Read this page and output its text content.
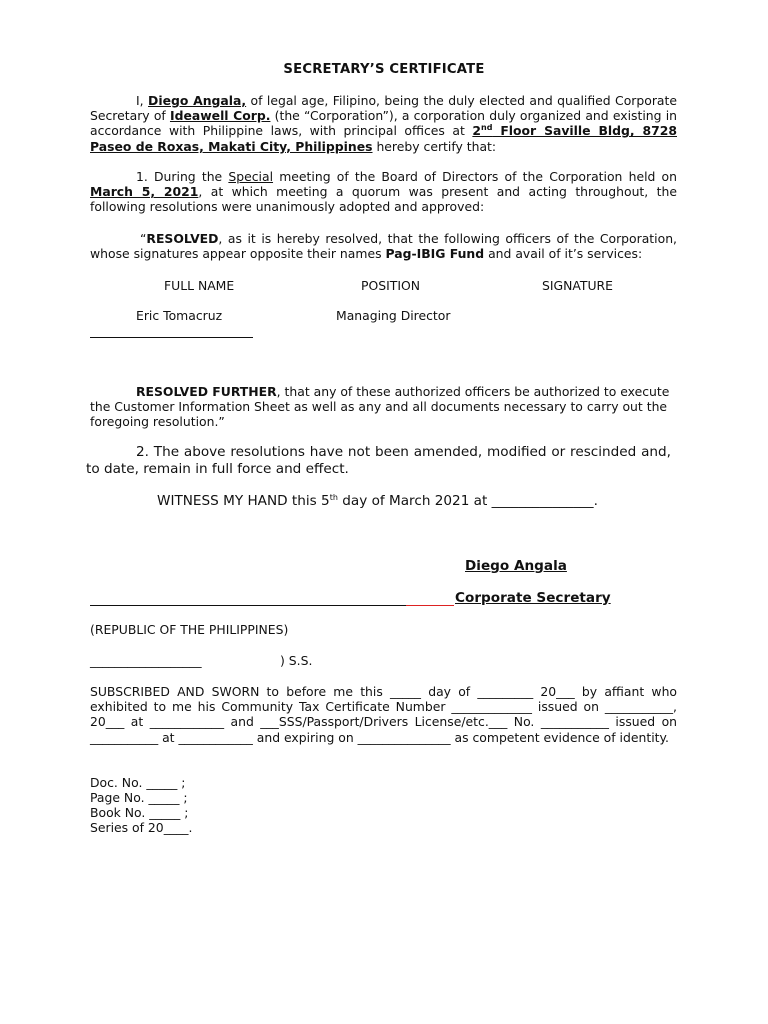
SECRETARY’S CERTIFICATE
I, Diego Angala, of legal age, Filipino, being the duly elected and qualified Corporate Secretary of Ideawell Corp. (the “Corporation”), a corporation duly organized and existing in accordance with Philippine laws, with principal offices at 2nd Floor Saville Bldg, 8728 Paseo de Roxas, Makati City, Philippines hereby certify that:
1. During the Special meeting of the Board of Directors of the Corporation held on March 5, 2021, at which meeting a quorum was present and acting throughout, the following resolutions were unanimously adopted and approved:
“RESOLVED, as it is hereby resolved, that the following officers of the Corporation, whose signatures appear opposite their names Pag-IBIG Fund and avail of it’s services:
FULL NAME	POSITION	SIGNATURE
Eric Tomacruz	Managing Director
RESOLVED FURTHER, that any of these authorized officers be authorized to execute the Customer Information Sheet as well as any and all documents necessary to carry out the foregoing resolution.”
2. The above resolutions have not been amended, modified or rescinded and, to date, remain in full force and effect.
WITNESS MY HAND this 5th day of March 2021 at _______________.
Diego Angala
Corporate Secretary
(REPUBLIC OF THE PHILIPPINES)
__________________	) S.S.
SUBSCRIBED AND SWORN to before me this _____ day of _________ 20___ by affiant who exhibited to me his Community Tax Certificate Number _____________ issued on ___________, 20___ at ____________ and ___SSS/Passport/Drivers License/etc.___ No. ___________ issued on ___________ at ____________ and expiring on _______________ as competent evidence of identity.
Doc. No. _____ ;
Page No. _____ ;
Book No. _____ ;
Series of 20____.
